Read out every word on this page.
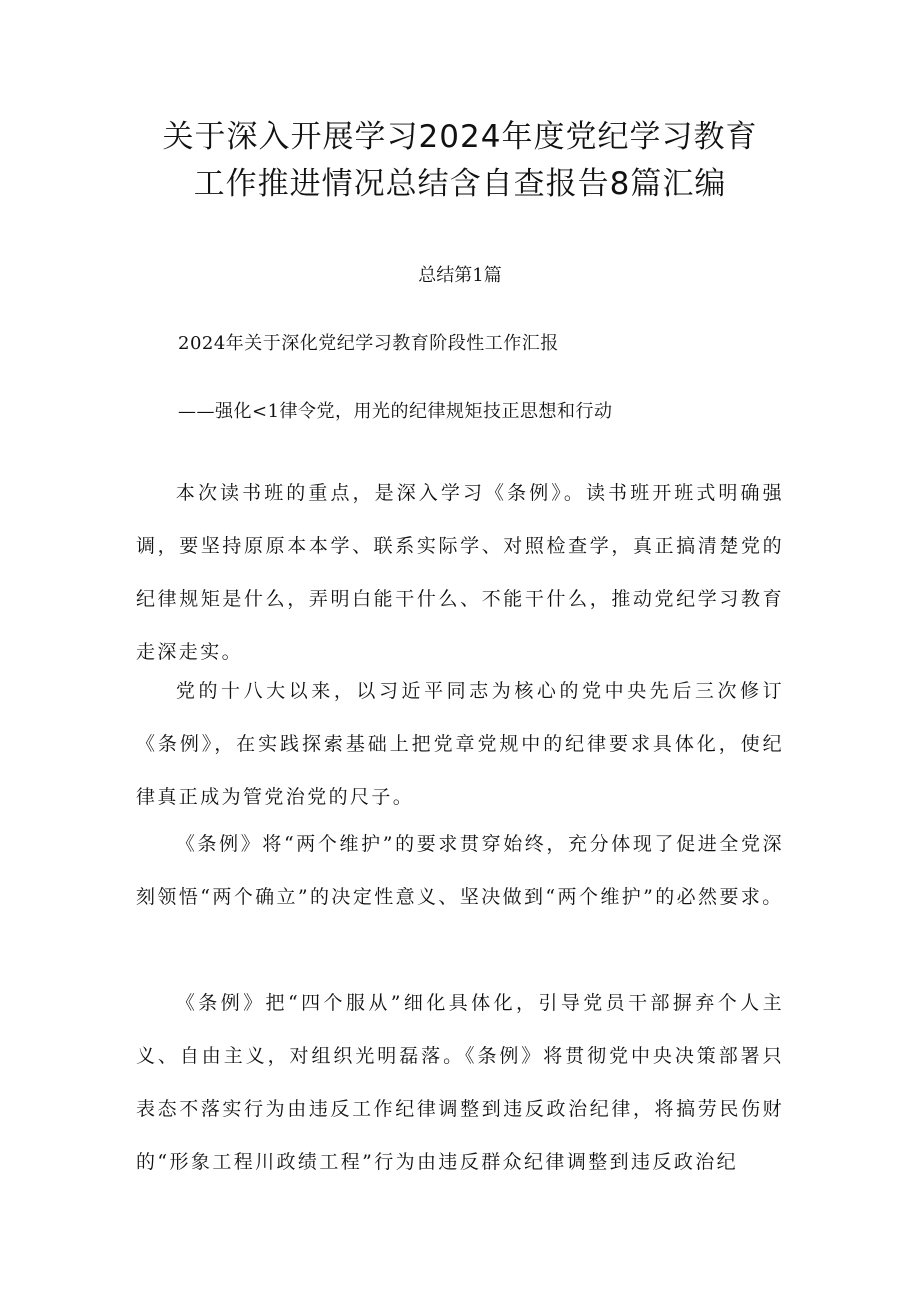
关于深入开展学习2024年度党纪学习教育
工作推进情况总结含自查报告8篇汇编
总结第1篇
2024年关于深化党纪学习教育阶段性工作汇报
——强化<1律令党，用光的纪律规矩技正思想和行动

本次读书班的重点，是深入学习《条例》。读书班开班式明确强调，要坚持原原本本学、联系实际学、对照检查学，真正搞清楚党的纪律规矩是什么，弄明白能干什么、不能干什么，推动党纪学习教育走深走实。

党的十八大以来，以习近平同志为核心的党中央先后三次修订《条例》，在实践探索基础上把党章党规中的纪律要求具体化，使纪律真正成为管党治党的尺子。

《条例》将“两个维护”的要求贯穿始终，充分体现了促进全党深刻领悟“两个确立”的决定性意义、坚决做到“两个维护”的必然要求。

《条例》把“四个服从”细化具体化，引导党员干部摒弃个人主义、自由主义，对组织光明磊落。《条例》将贯彻党中央决策部署只表态不落实行为由违反工作纪律调整到违反政治纪律，将搞劳民伤财的“形象工程川政绩工程”行为由违反群众纪律调整到违反政治纪
